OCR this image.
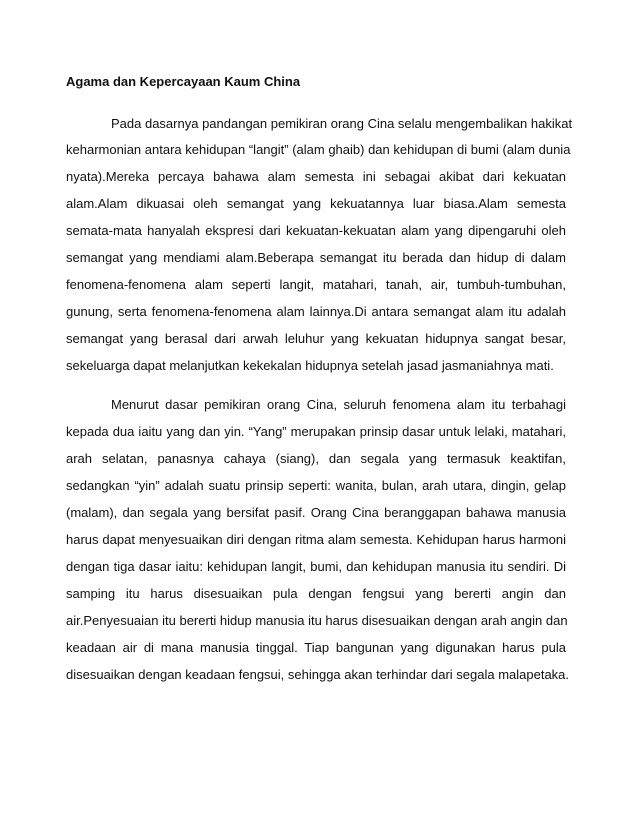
Agama dan Kepercayaan Kaum China
Pada dasarnya pandangan pemikiran orang Cina selalu mengembalikan hakikat
keharmonian antara kehidupan “langit” (alam ghaib) dan kehidupan di bumi (alam dunia
nyata).Mereka percaya bahawa alam semesta ini sebagai akibat dari kekuatan
alam.Alam dikuasai oleh semangat yang kekuatannya luar biasa.Alam semesta
semata-mata hanyalah ekspresi dari kekuatan-kekuatan alam yang dipengaruhi oleh
semangat yang mendiami alam.Beberapa semangat itu berada dan hidup di dalam
fenomena-fenomena alam seperti langit, matahari, tanah, air, tumbuh-tumbuhan,
gunung, serta fenomena-fenomena alam lainnya.Di antara semangat alam itu adalah
semangat yang berasal dari arwah leluhur yang kekuatan hidupnya sangat besar,
sekeluarga dapat melanjutkan kekekalan hidupnya setelah jasad jasmaniahnya mati.
Menurut dasar pemikiran orang Cina, seluruh fenomena alam itu terbahagi
kepada dua iaitu yang dan yin. “Yang” merupakan prinsip dasar untuk lelaki, matahari,
arah selatan, panasnya cahaya (siang), dan segala yang termasuk keaktifan,
sedangkan “yin” adalah suatu prinsip seperti: wanita, bulan, arah utara, dingin, gelap
(malam), dan segala yang bersifat pasif. Orang Cina beranggapan bahawa manusia
harus dapat menyesuaikan diri dengan ritma alam semesta. Kehidupan harus harmoni
dengan tiga dasar iaitu: kehidupan langit, bumi, dan kehidupan manusia itu sendiri. Di
samping itu harus disesuaikan pula dengan fengsui yang bererti angin dan
air.Penyesuaian itu bererti hidup manusia itu harus disesuaikan dengan arah angin dan
keadaan air di mana manusia tinggal. Tiap bangunan yang digunakan harus pula
disesuaikan dengan keadaan fengsui, sehingga akan terhindar dari segala malapetaka.
